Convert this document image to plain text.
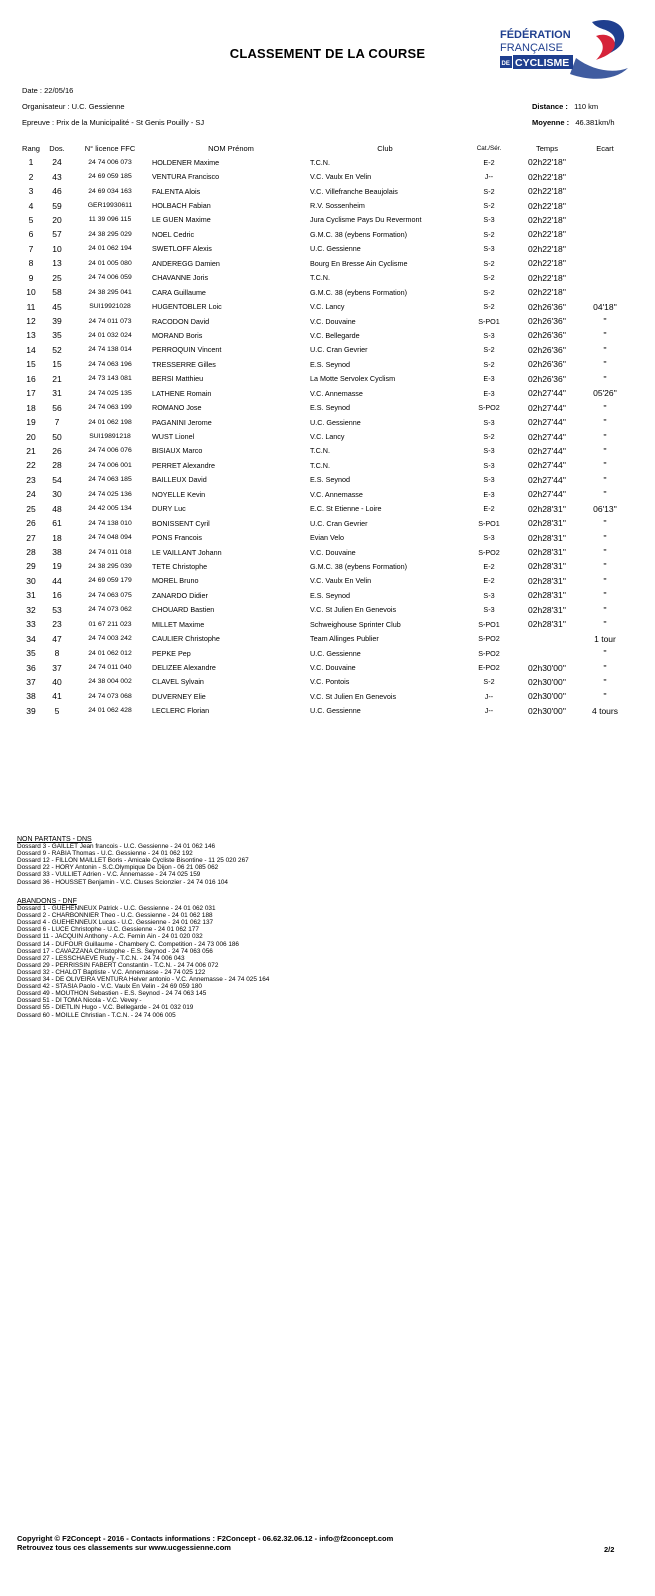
CLASSEMENT DE LA COURSE
FÉDÉRATION
FRANÇAISE
DE CYCLISME
Date : 22/05/16
Organisateur : U.C. Gessienne
Epreuve : Prix de la Municipalité - St Genis Pouilly - SJ
Distance : 110 km
Moyenne : 46.381km/h
Rang	Dos.	N° licence FFC	NOM Prénom	Club	Cat./Sér.	Temps	Ecart
1	24	24 74 006 073	HOLDENER Maxime	T.C.N.	E-2	02h22'18''	
2	43	24 69 059 185	VENTURA Francisco	V.C. Vaulx En Velin	J--	02h22'18''	
3	46	24 69 034 163	FALENTA Alois	V.C. Villefranche Beaujolais	S-2	02h22'18''	
4	59	GER19930611	HOLBACH Fabian	R.V. Sossenheim	S-2	02h22'18''	
5	20	11 39 096 115	LE GUEN Maxime	Jura Cyclisme Pays Du Revermont	S-3	02h22'18''	
6	57	24 38 295 029	NOEL Cedric	G.M.C. 38 (eybens Formation)	S-2	02h22'18''	
7	10	24 01 062 194	SWETLOFF Alexis	U.C. Gessienne	S-3	02h22'18''	
8	13	24 01 005 080	ANDEREGG Damien	Bourg En Bresse Ain Cyclisme	S-2	02h22'18''	
9	25	24 74 006 059	CHAVANNE Joris	T.C.N.	S-2	02h22'18''	
10	58	24 38 295 041	CARA Guillaume	G.M.C. 38 (eybens Formation)	S-2	02h22'18''	
11	45	SUI19921028	HUGENTOBLER Loic	V.C. Lancy	S-2	02h26'36''	04'18''
12	39	24 74 011 073	RACODON David	V.C. Douvaine	S-PO1	02h26'36''	''
13	35	24 01 032 024	MORAND Boris	V.C. Bellegarde	S-3	02h26'36''	''
14	52	24 74 138 014	PERROQUIN Vincent	U.C. Cran Gevrier	S-2	02h26'36''	''
15	15	24 74 063 196	TRESSERRE Gilles	E.S. Seynod	S-2	02h26'36''	''
16	21	24 73 143 081	BERSI Matthieu	La Motte Servolex Cyclism	E-3	02h26'36''	''
17	31	24 74 025 135	LATHENE Romain	V.C. Annemasse	E-3	02h27'44''	05'26''
18	56	24 74 063 199	ROMANO Jose	E.S. Seynod	S-PO2	02h27'44''	''
19	7	24 01 062 198	PAGANINI Jerome	U.C. Gessienne	S-3	02h27'44''	''
20	50	SUI19891218	WUST Lionel	V.C. Lancy	S-2	02h27'44''	''
21	26	24 74 006 076	BISIAUX Marco	T.C.N.	S-3	02h27'44''	''
22	28	24 74 006 001	PERRET Alexandre	T.C.N.	S-3	02h27'44''	''
23	54	24 74 063 185	BAILLEUX David	E.S. Seynod	S-3	02h27'44''	''
24	30	24 74 025 136	NOYELLE Kevin	V.C. Annemasse	E-3	02h27'44''	''
25	48	24 42 005 134	DURY Luc	E.C. St Etienne - Loire	E-2	02h28'31''	06'13''
26	61	24 74 138 010	BONISSENT Cyril	U.C. Cran Gevrier	S-PO1	02h28'31''	''
27	18	24 74 048 094	PONS Francois	Evian Velo	S-3	02h28'31''	''
28	38	24 74 011 018	LE VAILLANT Johann	V.C. Douvaine	S-PO2	02h28'31''	''
29	19	24 38 295 039	TETE Christophe	G.M.C. 38 (eybens Formation)	E-2	02h28'31''	''
30	44	24 69 059 179	MOREL Bruno	V.C. Vaulx En Velin	E-2	02h28'31''	''
31	16	24 74 063 075	ZANARDO Didier	E.S. Seynod	S-3	02h28'31''	''
32	53	24 74 073 062	CHOUARD Bastien	V.C. St Julien En Genevois	S-3	02h28'31''	''
33	23	01 67 211 023	MILLET Maxime	Schweighouse Sprinter Club	S-PO1	02h28'31''	''
34	47	24 74 003 242	CAULIER Christophe	Team Allinges Publier	S-PO2		1 tour
35	8	24 01 062 012	PEPKE Pep	U.C. Gessienne	S-PO2		''
36	37	24 74 011 040	DELIZEE Alexandre	V.C. Douvaine	E-PO2	02h30'00''	''
37	40	24 38 004 002	CLAVEL Sylvain	V.C. Pontois	S-2	02h30'00''	''
38	41	24 74 073 068	DUVERNEY Elie	V.C. St Julien En Genevois	J--	02h30'00''	''
39	5	24 01 062 428	LECLERC Florian	U.C. Gessienne	J--	02h30'00''	4 tours
NON PARTANTS - DNS
Dossard 3 - GAILLET Jean francois - U.C. Gessienne - 24 01 062 146
Dossard 9 - RABIA Thomas - U.C. Gessienne - 24 01 062 192
Dossard 12 - FILLON MAILLET Boris - Amicale Cycliste Bisontine - 11 25 020 267
Dossard 22 - HORY Antonin - S.C.Olympique De Dijon - 06 21 085 062
Dossard 33 - VULLIET Adrien - V.C. Annemasse - 24 74 025 159
Dossard 36 - HOUSSET Benjamin - V.C. Cluses Scionzier - 24 74 016 104
ABANDONS - DNF
Dossard 1 - GUEHENNEUX Patrick - U.C. Gessienne - 24 01 062 031
Dossard 2 - CHARBONNIER Theo - U.C. Gessienne - 24 01 062 188
Dossard 4 - GUEHENNEUX Lucas - U.C. Gessienne - 24 01 062 137
Dossard 6 - LUCE Christophe - U.C. Gessienne - 24 01 062 177
Dossard 11 - JACQUIN Anthony - A.C. Fernin Ain - 24 01 020 032
Dossard 14 - DUFOUR Guillaume - Chambery C. Competition - 24 73 006 186
Dossard 17 - CAVAZZANA Christophe - E.S. Seynod - 24 74 063 056
Dossard 27 - LESSCHAEVE Rudy - T.C.N. - 24 74 006 043
Dossard 29 - PERRISSIN FABERT Constantin - T.C.N. - 24 74 006 072
Dossard 32 - CHALOT Baptiste - V.C. Annemasse - 24 74 025 122
Dossard 34 - DE OLIVEIRA VENTURA Helver antonio - V.C. Annemasse - 24 74 025 164
Dossard 42 - STASIA Paolo - V.C. Vaulx En Velin - 24 69 059 180
Dossard 49 - MOUTHON Sebastien - E.S. Seynod - 24 74 063 145
Dossard 51 - DI TOMA Nicola - V.C. Vevey -
Dossard 55 - DIETLIN Hugo - V.C. Bellegarde - 24 01 032 019
Dossard 60 - MOILLE Christian - T.C.N. - 24 74 006 005
Copyright © F2Concept - 2016 - Contacts informations : F2Concept - 06.62.32.06.12 - info@f2concept.com
Retrouvez tous ces classements sur www.ucgessienne.com	2/2
